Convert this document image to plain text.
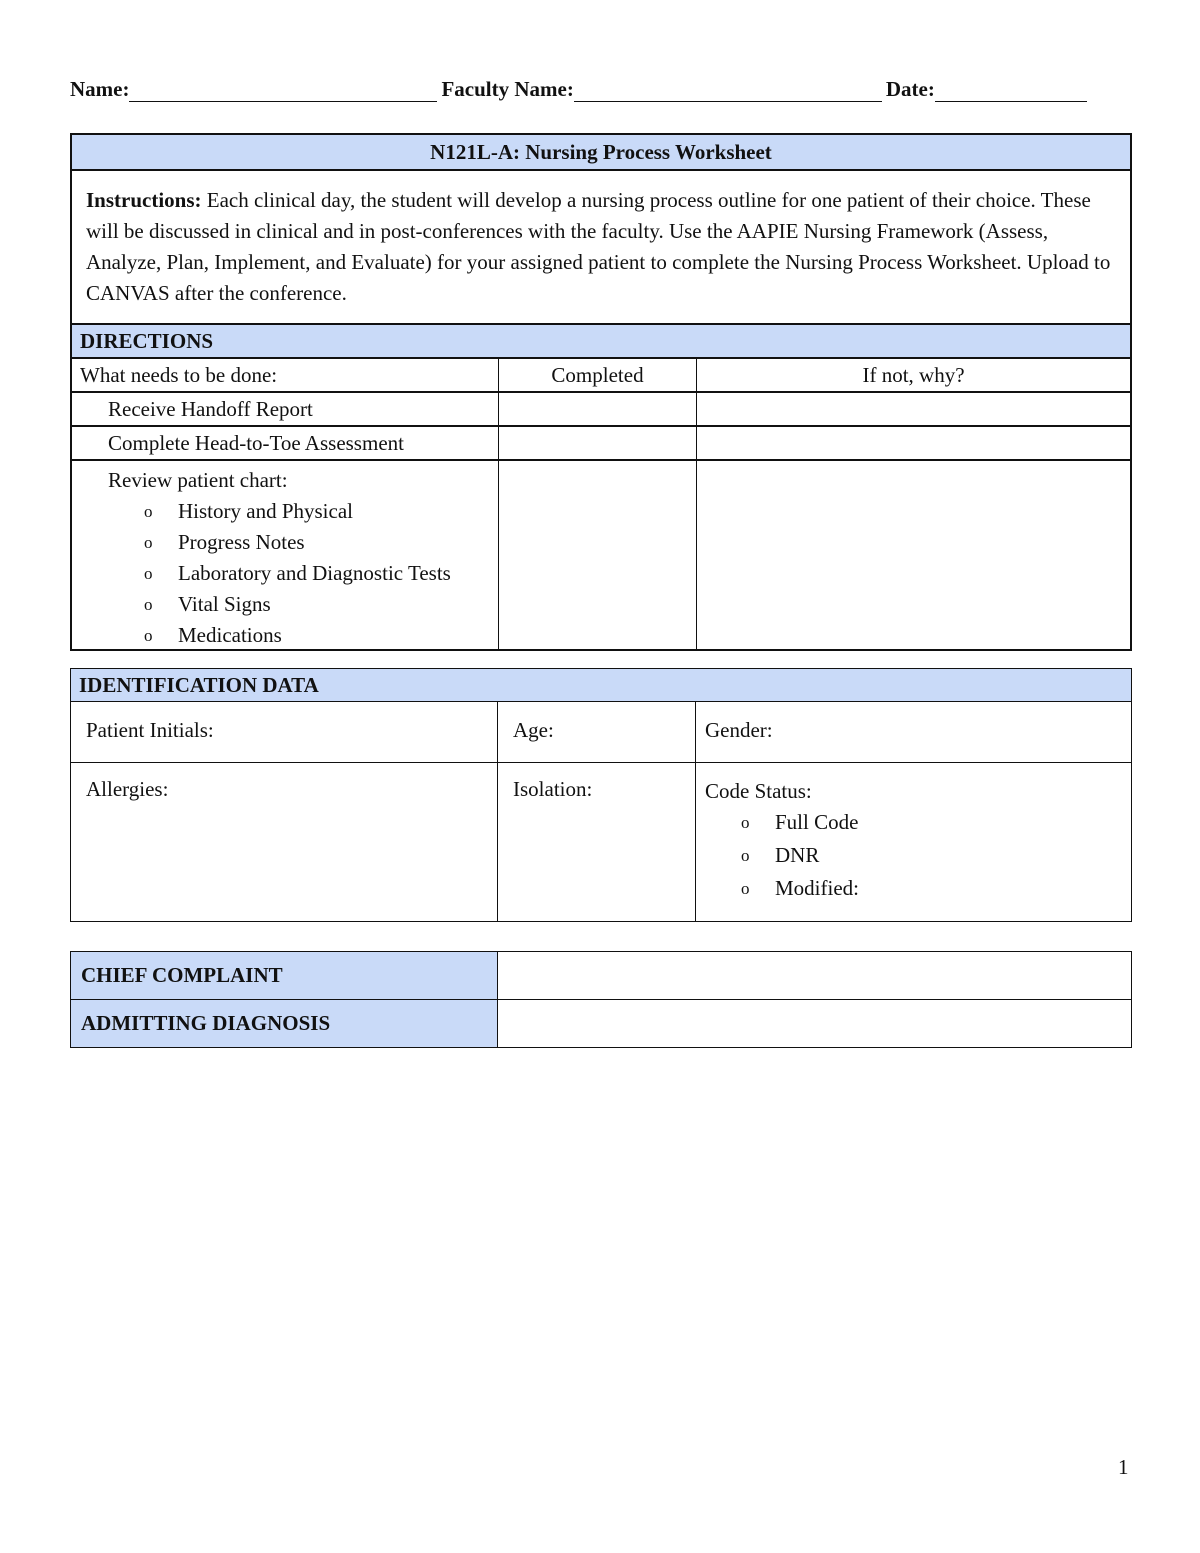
Name:	Faculty Name:	Date:
N121L-A: Nursing Process Worksheet
Instructions: Each clinical day, the student will develop a nursing process outline for one patient of their choice. These will be discussed in clinical and in post-conferences with the faculty. Use the AAPIE Nursing Framework (Assess, Analyze, Plan, Implement, and Evaluate) for your assigned patient to complete the Nursing Process Worksheet. Upload to CANVAS after the conference.
DIRECTIONS
What needs to be done:	Completed	If not, why?
Receive Handoff Report
Complete Head-to-Toe Assessment
Review patient chart:
o	History and Physical
o	Progress Notes
o	Laboratory and Diagnostic Tests
o	Vital Signs
o	Medications
IDENTIFICATION DATA
Patient Initials:	Age:	Gender:
Allergies:	Isolation:	Code Status:
o	Full Code
o	DNR
o	Modified:
CHIEF COMPLAINT
ADMITTING DIAGNOSIS
1
